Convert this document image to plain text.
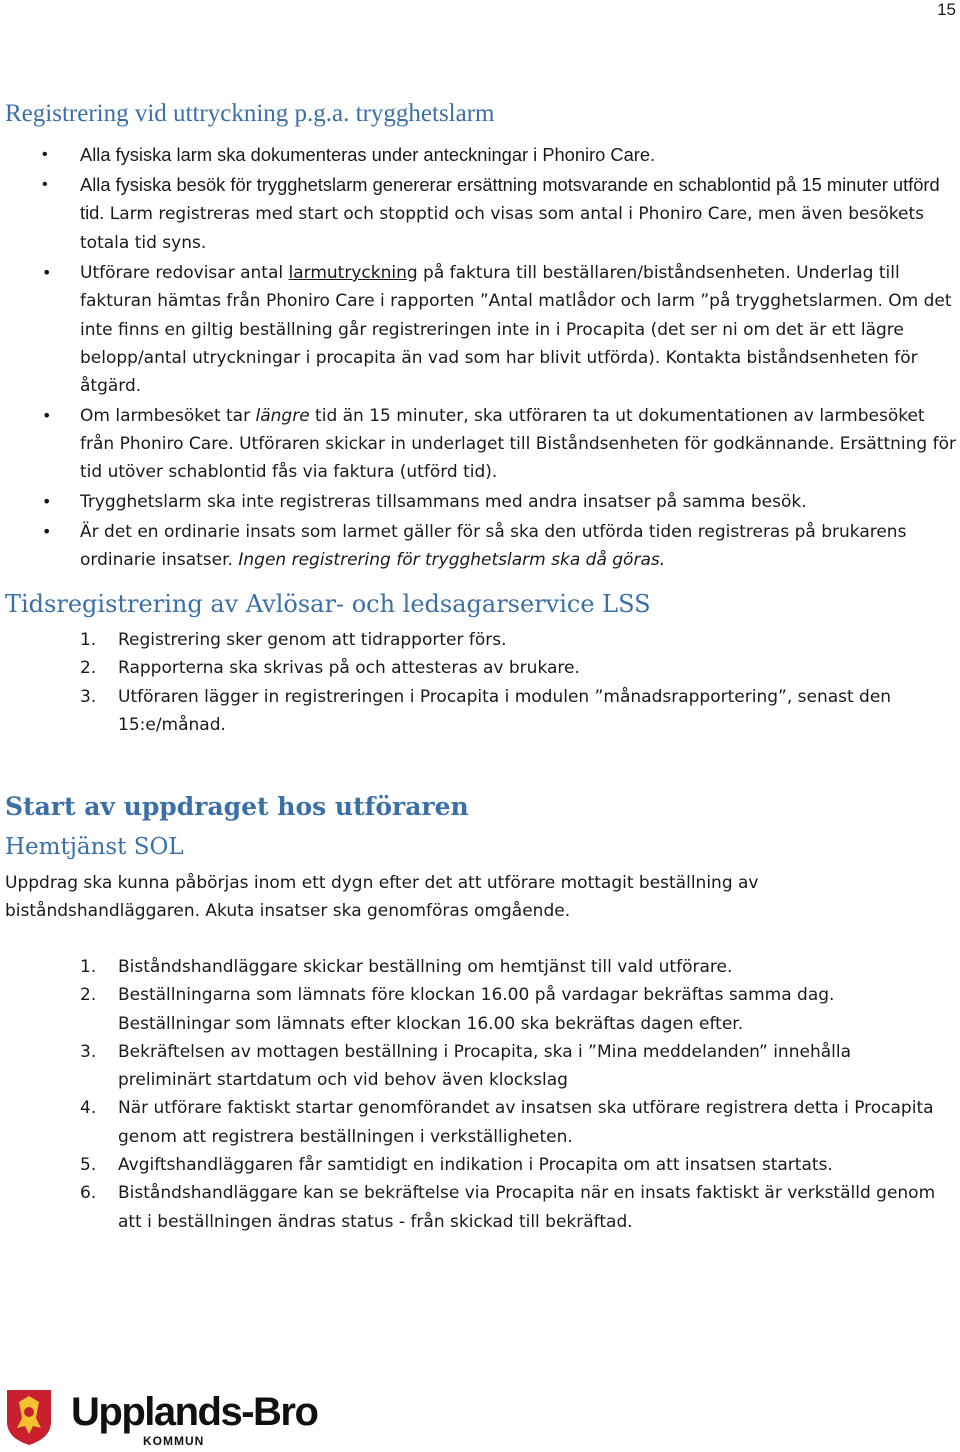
15
Registrering vid uttryckning p.g.a. trygghetslarm
• Alla fysiska larm ska dokumenteras under anteckningar i Phoniro Care.
• Alla fysiska besök för trygghetslarm genererar ersättning motsvarande en schablontid på 15 minuter utförd tid. Larm registreras med start och stopptid och visas som antal i Phoniro Care, men även besökets totala tid syns.
• Utförare redovisar antal larmutryckning på faktura till beställaren/biståndsenheten. Underlag till fakturan hämtas från Phoniro Care i rapporten ”Antal matlådor och larm ”på trygghetslarmen. Om det inte finns en giltig beställning går registreringen inte in i Procapita (det ser ni om det är ett lägre belopp/antal utryckningar i procapita än vad som har blivit utförda). Kontakta biståndsenheten för åtgärd.
• Om larmbesöket tar längre tid än 15 minuter, ska utföraren ta ut dokumentationen av larmbesöket från Phoniro Care. Utföraren skickar in underlaget till Biståndsenheten för godkännande. Ersättning för tid utöver schablontid fås via faktura (utförd tid).
• Trygghetslarm ska inte registreras tillsammans med andra insatser på samma besök.
• Är det en ordinarie insats som larmet gäller för så ska den utförda tiden registreras på brukarens ordinarie insatser. Ingen registrering för trygghetslarm ska då göras.
Tidsregistrering av Avlösar- och ledsagarservice LSS
1. Registrering sker genom att tidrapporter förs.
2. Rapporterna ska skrivas på och attesteras av brukare.
3. Utföraren lägger in registreringen i Procapita i modulen ”månadsrapportering”, senast den 15:e/månad.
Start av uppdraget hos utföraren
Hemtjänst SOL

Uppdrag ska kunna påbörjas inom ett dygn efter det att utförare mottagit beställning av biståndshandläggaren. Akuta insatser ska genomföras omgående.

1. Biståndshandläggare skickar beställning om hemtjänst till vald utförare.
2. Beställningarna som lämnats före klockan 16.00 på vardagar bekräftas samma dag. Beställningar som lämnats efter klockan 16.00 ska bekräftas dagen efter.
3. Bekräftelsen av mottagen beställning i Procapita, ska i ”Mina meddelanden” innehålla preliminärt startdatum och vid behov även klockslag
4. När utförare faktiskt startar genomförandet av insatsen ska utförare registrera detta i Procapita genom att registrera beställningen i verkställigheten.
5. Avgiftshandläggaren får samtidigt en indikation i Procapita om att insatsen startats.
6. Biståndshandläggare kan se bekräftelse via Procapita när en insats faktiskt är verkställd genom att i beställningen ändras status - från skickad till bekräftad.
Upplands-Bro
KOMMUN
